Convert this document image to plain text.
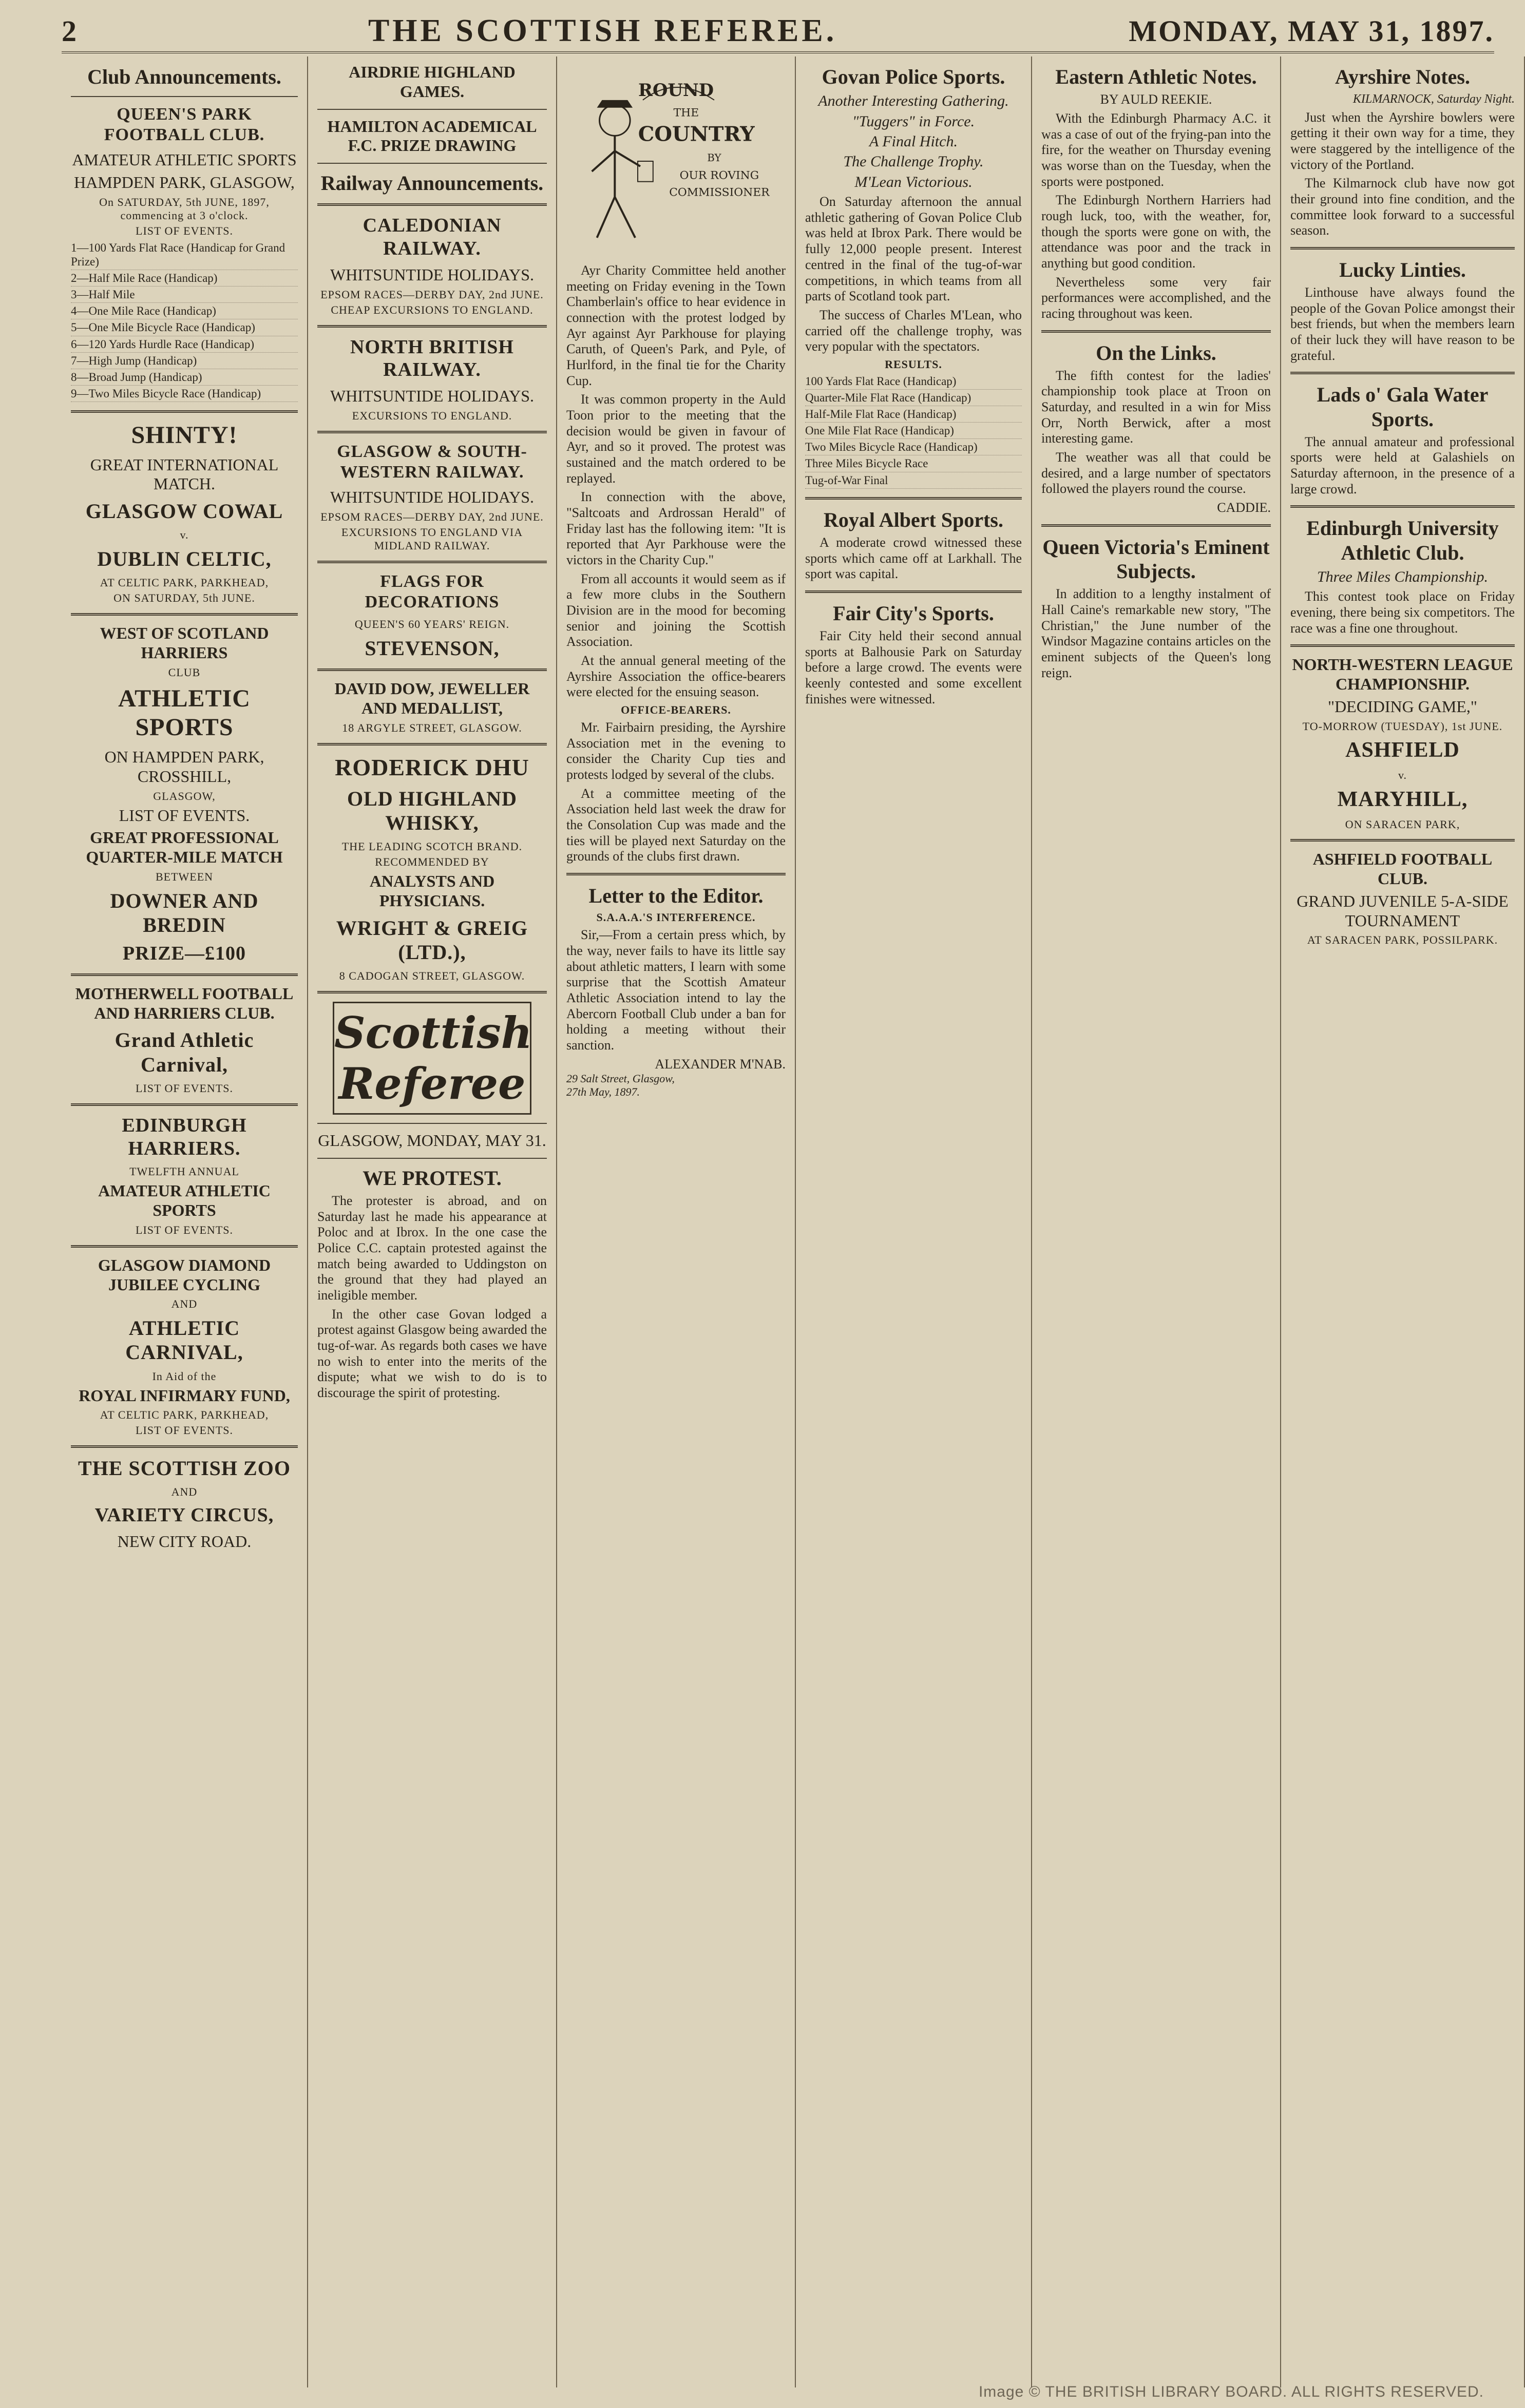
2	THE SCOTTISH REFEREE.	MONDAY, MAY 31, 1897.
Club Announcements.
QUEEN'S PARK FOOTBALL CLUB.
AMATEUR ATHLETIC SPORTS
HAMPDEN PARK, GLASGOW,
On SATURDAY, 5th JUNE, 1897, commencing at 3 o'clock.
LIST OF EVENTS.
1—100 Yards Flat Race (Handicap for Grand Prize)
2—Half Mile Race (Handicap)
3—Half Mile
4—One Mile Race (Handicap)
5—One Mile Bicycle Race (Handicap)
6—120 Yards Hurdle Race (Handicap)
7—High Jump (Handicap)
8—Broad Jump (Handicap)
9—Two Miles Bicycle Race (Handicap)
SHINTY!
GREAT INTERNATIONAL MATCH.
GLASGOW COWAL
v.
DUBLIN CELTIC,
AT CELTIC PARK, PARKHEAD,
ON SATURDAY, 5th JUNE.
WEST OF SCOTLAND HARRIERS
CLUB
ATHLETIC SPORTS
ON HAMPDEN PARK, CROSSHILL,
GLASGOW,
LIST OF EVENTS.
GREAT PROFESSIONAL QUARTER-MILE MATCH
BETWEEN
DOWNER AND BREDIN
PRIZE—£100
MOTHERWELL FOOTBALL AND HARRIERS CLUB.
Grand Athletic Carnival,
LIST OF EVENTS.
EDINBURGH HARRIERS.
TWELFTH ANNUAL
AMATEUR ATHLETIC SPORTS
LIST OF EVENTS.
GLASGOW DIAMOND JUBILEE CYCLING
AND
ATHLETIC CARNIVAL,
In Aid of the
ROYAL INFIRMARY FUND,
AT CELTIC PARK, PARKHEAD,
LIST OF EVENTS.
THE SCOTTISH ZOO
AND
VARIETY CIRCUS,
NEW CITY ROAD.
AIRDRIE HIGHLAND GAMES.
HAMILTON ACADEMICAL F.C. PRIZE DRAWING
Railway Announcements.
CALEDONIAN RAILWAY.
WHITSUNTIDE HOLIDAYS.
EPSOM RACES—DERBY DAY, 2nd JUNE.
CHEAP EXCURSIONS TO ENGLAND.
NORTH BRITISH RAILWAY.
WHITSUNTIDE HOLIDAYS.
EXCURSIONS TO ENGLAND.
GLASGOW & SOUTH-WESTERN RAILWAY.
WHITSUNTIDE HOLIDAYS.
EPSOM RACES—DERBY DAY, 2nd JUNE.
EXCURSIONS TO ENGLAND VIA MIDLAND RAILWAY.
FLAGS FOR DECORATIONS
QUEEN'S 60 YEARS' REIGN.
STEVENSON,
DAVID DOW, JEWELLER AND MEDALLIST,
18 ARGYLE STREET, GLASGOW.
RODERICK DHU
OLD HIGHLAND WHISKY,
THE LEADING SCOTCH BRAND.
RECOMMENDED BY
ANALYSTS AND PHYSICIANS.
WRIGHT & GREIG (LTD.),
8 CADOGAN STREET, GLASGOW.
Scottish Referee
GLASGOW, MONDAY, MAY 31.
WE PROTEST.

The protester is abroad, and on Saturday last he made his appearance at Poloc and at Ibrox. In the one case the Police C.C. captain protested against the match being awarded to Uddingston on the ground that they had played an ineligible member.

In the other case Govan lodged a protest against Glasgow being awarded the tug-of-war. As regards both cases we have no wish to enter into the merits of the dispute; what we wish to do is to discourage the spirit of protesting.

ROUND
THE
COUNTRY
BY
OUR ROVING
COMMISSIONER

Ayr Charity Committee held another meeting on Friday evening in the Town Chamberlain's office to hear evidence in connection with the protest lodged by Ayr against Ayr Parkhouse for playing Caruth, of Queen's Park, and Pyle, of Hurlford, in the final tie for the Charity Cup.

It was common property in the Auld Toon prior to the meeting that the decision would be given in favour of Ayr, and so it proved. The protest was sustained and the match ordered to be replayed.

In connection with the above, "Saltcoats and Ardrossan Herald" of Friday last has the following item: "It is reported that Ayr Parkhouse were the victors in the Charity Cup."

From all accounts it would seem as if a few more clubs in the Southern Division are in the mood for becoming senior and joining the Scottish Association.

At the annual general meeting of the Ayrshire Association the office-bearers were elected for the ensuing season.

OFFICE-BEARERS.

Mr. Fairbairn presiding, the Ayrshire Association met in the evening to consider the Charity Cup ties and protests lodged by several of the clubs.

At a committee meeting of the Association held last week the draw for the Consolation Cup was made and the ties will be played next Saturday on the grounds of the clubs first drawn.

Letter to the Editor.
S.A.A.A.'S INTERFERENCE.

Sir,—From a certain press which, by the way, never fails to have its little say about athletic matters, I learn with some surprise that the Scottish Amateur Athletic Association intend to lay the Abercorn Football Club under a ban for holding a meeting without their sanction.

ALEXANDER M'NAB.
29 Salt Street, Glasgow,
27th May, 1897.
Govan Police Sports.
Another Interesting Gathering.
"Tuggers" in Force.
A Final Hitch.
The Challenge Trophy.
M'Lean Victorious.

On Saturday afternoon the annual athletic gathering of Govan Police Club was held at Ibrox Park. There would be fully 12,000 people present. Interest centred in the final of the tug-of-war competitions, in which teams from all parts of Scotland took part.

The success of Charles M'Lean, who carried off the challenge trophy, was very popular with the spectators.

RESULTS.
100 Yards Flat Race (Handicap)
Quarter-Mile Flat Race (Handicap)
Half-Mile Flat Race (Handicap)
One Mile Flat Race (Handicap)
Two Miles Bicycle Race (Handicap)
Three Miles Bicycle Race
Tug-of-War Final
Royal Albert Sports.

A moderate crowd witnessed these sports which came off at Larkhall. The sport was capital.

Fair City's Sports.

Fair City held their second annual sports at Balhousie Park on Saturday before a large crowd. The events were keenly contested and some excellent finishes were witnessed.

Eastern Athletic Notes.
BY AULD REEKIE.

With the Edinburgh Pharmacy A.C. it was a case of out of the frying-pan into the fire, for the weather on Thursday evening was worse than on the Tuesday, when the sports were postponed.

The Edinburgh Northern Harriers had rough luck, too, with the weather, for, though the sports were gone on with, the attendance was poor and the track in anything but good condition.

Nevertheless some very fair performances were accomplished, and the racing throughout was keen.

On the Links.

The fifth contest for the ladies' championship took place at Troon on Saturday, and resulted in a win for Miss Orr, North Berwick, after a most interesting game.

The weather was all that could be desired, and a large number of spectators followed the players round the course.

CADDIE.
Queen Victoria's Eminent Subjects.

In addition to a lengthy instalment of Hall Caine's remarkable new story, "The Christian," the June number of the Windsor Magazine contains articles on the eminent subjects of the Queen's long reign.

Ayrshire Notes.
KILMARNOCK, Saturday Night.

Just when the Ayrshire bowlers were getting it their own way for a time, they were staggered by the intelligence of the victory of the Portland.

The Kilmarnock club have now got their ground into fine condition, and the committee look forward to a successful season.

Lucky Linties.

Linthouse have always found the people of the Govan Police amongst their best friends, but when the members learn of their luck they will have reason to be grateful.

Lads o' Gala Water Sports.

The annual amateur and professional sports were held at Galashiels on Saturday afternoon, in the presence of a large crowd.

Edinburgh University Athletic Club.
Three Miles Championship.

This contest took place on Friday evening, there being six competitors. The race was a fine one throughout.

NORTH-WESTERN LEAGUE CHAMPIONSHIP.
"DECIDING GAME,"
TO-MORROW (TUESDAY), 1st JUNE.
ASHFIELD
v.
MARYHILL,
ON SARACEN PARK,
ASHFIELD FOOTBALL CLUB.
GRAND JUVENILE 5-A-SIDE TOURNAMENT
AT SARACEN PARK, POSSILPARK.
Image © THE BRITISH LIBRARY BOARD. ALL RIGHTS RESERVED.
